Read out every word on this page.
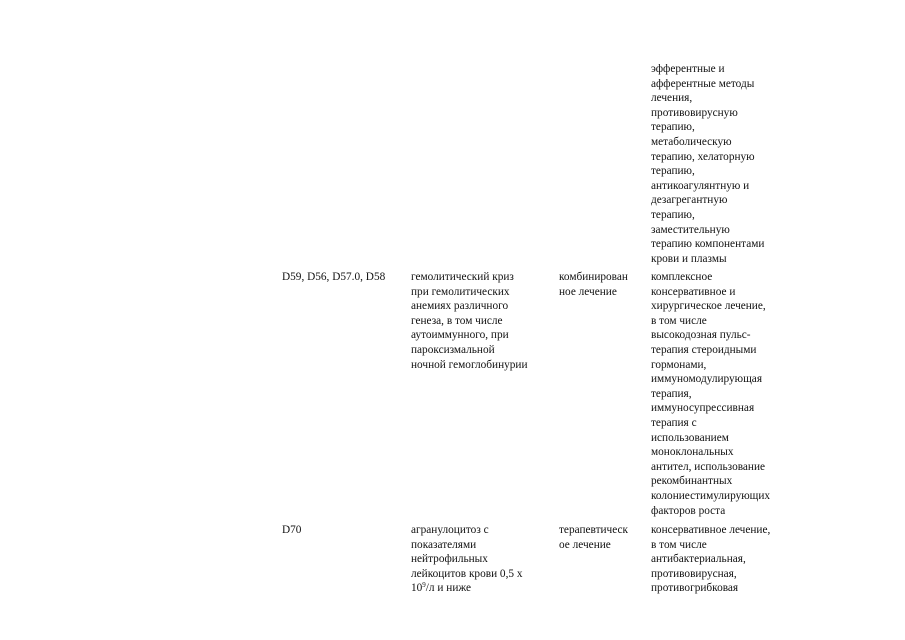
эфферентные и
афферентные методы
лечения,
противовирусную
терапию,
метаболическую
терапию, хелаторную
терапию,
антикоагулянтную и
дезагрегантную
терапию,
заместительную
терапию компонентами
крови и плазмы

D59, D56, D57.0, D58	гемолитический криз
при гемолитических
анемиях различного
генеза, в том числе
аутоиммунного, при
пароксизмальной
ночной гемоглобинурии

комбинирован
ное лечение

комплексное
консервативное и
хирургическое лечение,
в том числе
высокодозная пульс-
терапия стероидными
гормонами,
иммуномодулирующая
терапия,
иммуносупрессивная
терапия с
использованием
моноклональных
антител, использование
рекомбинантных
колониестимулирующих
факторов роста

D70	агранулоцитоз с
показателями
нейтрофильных
лейкоцитов крови 0,5 х
$10^9/л$ и ниже

терапевтическ
ое лечение

консервативное лечение,
в том числе
антибактериальная,
противовирусная,
противогрибковая
